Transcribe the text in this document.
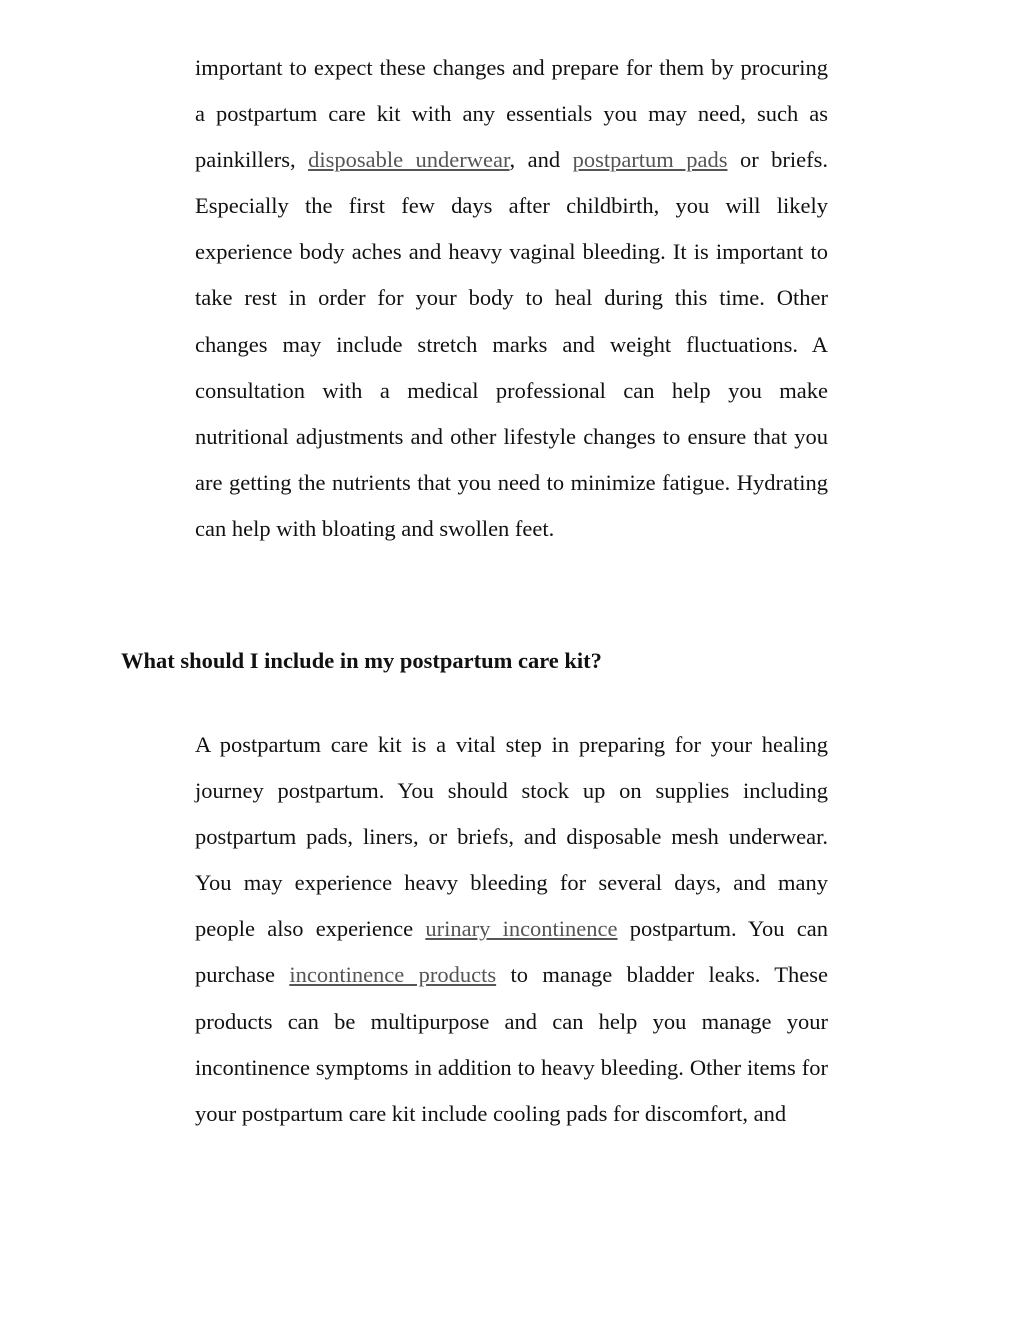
important to expect these changes and prepare for them by procuring a postpartum care kit with any essentials you may need, such as painkillers, disposable underwear, and postpartum pads or briefs. Especially the first few days after childbirth, you will likely experience body aches and heavy vaginal bleeding. It is important to take rest in order for your body to heal during this time. Other changes may include stretch marks and weight fluctuations. A consultation with a medical professional can help you make nutritional adjustments and other lifestyle changes to ensure that you are getting the nutrients that you need to minimize fatigue. Hydrating can help with bloating and swollen feet.

What should I include in my postpartum care kit?

A postpartum care kit is a vital step in preparing for your healing journey postpartum. You should stock up on supplies including postpartum pads, liners, or briefs, and disposable mesh underwear. You may experience heavy bleeding for several days, and many people also experience urinary incontinence postpartum. You can purchase incontinence products to manage bladder leaks. These products can be multipurpose and can help you manage your incontinence symptoms in addition to heavy bleeding. Other items for your postpartum care kit include cooling pads for discomfort, and
